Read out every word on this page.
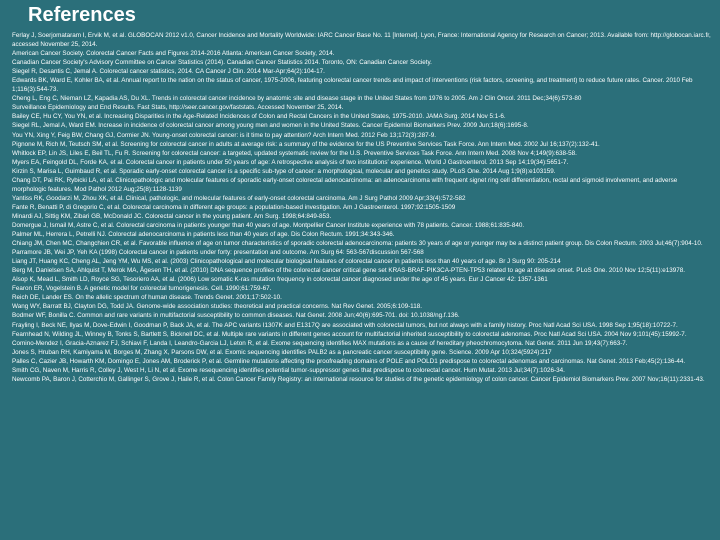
References

Ferlay J, Soerjomataram I, Ervik M, et al. GLOBOCAN 2012 v1.0, Cancer Incidence and Mortality Worldwide: IARC Cancer Base No. 11 [Internet]. Lyon, France: International Agency for Research on Cancer; 2013. Available from: http://globocan.iarc.fr, accessed November 25, 2014.

American Cancer Society. Colorectal Cancer Facts and Figures 2014-2016 Atlanta: American Cancer Society, 2014.

Canadian Cancer Society's Advisory Committee on Cancer Statistics (2014). Canadian Cancer Statistics 2014. Toronto, ON: Canadian Cancer Society.

Siegel R, Desantis C, Jemal A. Colorectal cancer statistics, 2014. CA Cancer J Clin. 2014 Mar-Apr;64(2):104-17.

Edwards BK, Ward E, Kohler BA, et al. Annual report to the nation on the status of cancer, 1975-2006, featuring colorectal cancer trends and impact of interventions (risk factors, screening, and treatment) to reduce future rates. Cancer. 2010 Feb 1;116(3):544-73.

Cheng L, Eng C, Nieman LZ, Kapadia AS, Du XL. Trends in colorectal cancer incidence by anatomic site and disease stage in the United States from 1976 to 2005. Am J Clin Oncol. 2011 Dec;34(6):573-80

Surveillance Epidemiology and End Results. Fast Stats, http://seer.cancer.gov/faststats. Accessed November 25, 2014.

Bailey CE, Hu CY, You YN, et al. Increasing Disparities in the Age-Related Incidences of Colon and Rectal Cancers in the United States, 1975-2010. JAMA Surg. 2014 Nov 5:1-6.

Siegel RL, Jemal A, Ward EM. Increase in incidence of colorectal cancer among young men and women in the United States. Cancer Epidemiol Biomarkers Prev. 2009 Jun;18(6):1695-8.

You YN, Xing Y, Feig BW, Chang GJ, Cormier JN. Young-onset colorectal cancer: is it time to pay attention? Arch Intern Med. 2012 Feb 13;172(3):287-9.

Pignone M, Rich M, Teutsch SM, et al. Screening for colorectal cancer in adults at average risk: a summary of the evidence for the US Preventive Services Task Force. Ann Intern Med. 2002 Jul 16;137(2):132-41.

Whitlock EP, Lin JS, Liles E, Beil TL, Fu R. Screening for colorectal cancer: a targeted, updated systematic review for the U.S. Preventive Services Task Force. Ann Intern Med. 2008 Nov 4;149(9):638-58.

Myers EA, Feingold DL, Forde KA, et al. Colorectal cancer in patients under 50 years of age: A retrospective analysis of two institutions' experience. World J Gastroenterol. 2013 Sep 14;19(34):5651-7.

Kirzin S, Marisa L, Guimbaud R, et al. Sporadic early-onset colorectal cancer is a specific sub-type of cancer: a morphological, molecular and genetics study. PLoS One. 2014 Aug 1;9(8):e103159.

Chang DT, Pai RK, Rybicki LA, et al. Clinicopathologic and molecular features of sporadic early-onset colorectal adenocarcinoma: an adenocarcinoma with frequent signet ring cell differentiation, rectal and sigmoid involvement, and adverse morphologic features. Mod Pathol 2012 Aug;25(8):1128-1139

Yantiss RK, Goodarzi M, Zhou XK, et al. Clinical, pathologic, and molecular features of early-onset colorectal carcinoma. Am J Surg Pathol 2009 Apr;33(4):572-582

Fante R, Benatti P, di Gregorio C, et al. Colorectal carcinoma in different age groups: a population-based investigation. Am J Gastroenterol. 1997;92:1505-1509

Minardi AJ, Sittig KM, Zibari GB, McDonald JC. Colorectal cancer in the young patient. Am Surg. 1998;64:849-853.

Domergue J, Ismail M, Astre C, et al. Colorectal carcinoma in patients younger than 40 years of age. Montpellier Cancer Institute experience with 78 patients. Cancer. 1988;61:835-840.

Palmer ML, Herrera L, Petrelli NJ. Colorectal adenocarcinoma in patients less than 40 years of age. Dis Colon Rectum. 1991;34:343-346.

Chiang JM, Chen MC, Changchien CR, et al. Favorable influence of age on tumor characteristics of sporadic colorectal adenocarcinoma: patients 30 years of age or younger may be a distinct patient group. Dis Colon Rectum. 2003 Jul;46(7):904-10.

Parramore JB, Wei JP, Yeh KA (1998) Colorectal cancer in patients under forty: presentation and outcome. Am Surg 64: 563-567discussion 567-568

Liang JT, Huang KC, Cheng AL, Jeng YM, Wu MS, et al. (2003) Clinicopathological and molecular biological features of colorectal cancer in patients less than 40 years of age. Br J Surg 90: 205-214

Berg M, Danielsen SA, Ahlquist T, Merok MA, Ågesen TH, et al. (2010) DNA sequence profiles of the colorectal cancer critical gene set KRAS-BRAF-PIK3CA-PTEN-TP53 related to age at disease onset. PLoS One. 2010 Nov 12;5(11):e13978.

Alsop K, Mead L, Smith LD, Royce SG, Tesoriero AA, et al. (2006) Low somatic K-ras mutation frequency in colorectal cancer diagnosed under the age of 45 years. Eur J Cancer 42: 1357-1361

Fearon ER, Vogelstein B. A genetic model for colorectal tumorigenesis. Cell. 1990;61:759-67.

Reich DE, Lander ES. On the allelic spectrum of human disease. Trends Genet. 2001;17:502-10.

Wang WY, Barratt BJ, Clayton DG, Todd JA. Genome-wide association studies: theoretical and practical concerns. Nat Rev Genet. 2005;6:109-118.

Bodmer WF, Bonilla C. Common and rare variants in multifactorial susceptibility to common diseases. Nat Genet. 2008 Jun;40(6):695-701. doi: 10.1038/ng.f.136.

Frayling I, Beck NE, Ilyas M, Dove-Edwin I, Goodman P, Back JA, et al. The APC variants I1307K and E1317Q are associated with colorectal tumors, but not always with a family history. Proc Natl Acad Sci USA. 1998 Sep 1;95(18):10722-7.

Fearnhead N, Wilding JL, Winney B, Tonks S, Bartlett S, Bicknell DC, et al. Multiple rare variants in different genes account for multifactorial inherited susceptibility to colorectal adenomas. Proc Natl Acad Sci USA. 2004 Nov 9;101(45):15992-7.

Comino-Mendez I, Gracia-Aznarez FJ, Schiavi F, Landa I, Leandro-Garcia LJ, Leton R, et al. Exome sequencing identifies MAX mutations as a cause of hereditary pheochromocytoma. Nat Genet. 2011 Jun 19;43(7):663-7.

Jones S, Hruban RH, Kamiyama M, Borges M, Zhang X, Parsons DW, et al. Exomic sequencing identifies PALB2 as a pancreatic cancer susceptibility gene. Science. 2009 Apr 10;324(5924):217

Palles C, Cazier JB, Howarth KM, Domingo E, Jones AM, Broderick P, et al. Germline mutations affecting the proofreading domains of POLE and POLD1 predispose to colorectal adenomas and carcinomas. Nat Genet. 2013 Feb;45(2):136-44.

Smith CG, Naven M, Harris R, Colley J, West H, Li N, et al. Exome resequencing identifies potential tumor-suppressor genes that predispose to colorectal cancer. Hum Mutat. 2013 Jul;34(7):1026-34.

Newcomb PA, Baron J, Cotterchio M, Gallinger S, Grove J, Haile R, et al. Colon Cancer Family Registry: an international resource for studies of the genetic epidemiology of colon cancer. Cancer Epidemiol Biomarkers Prev. 2007 Nov;16(11):2331-43.
